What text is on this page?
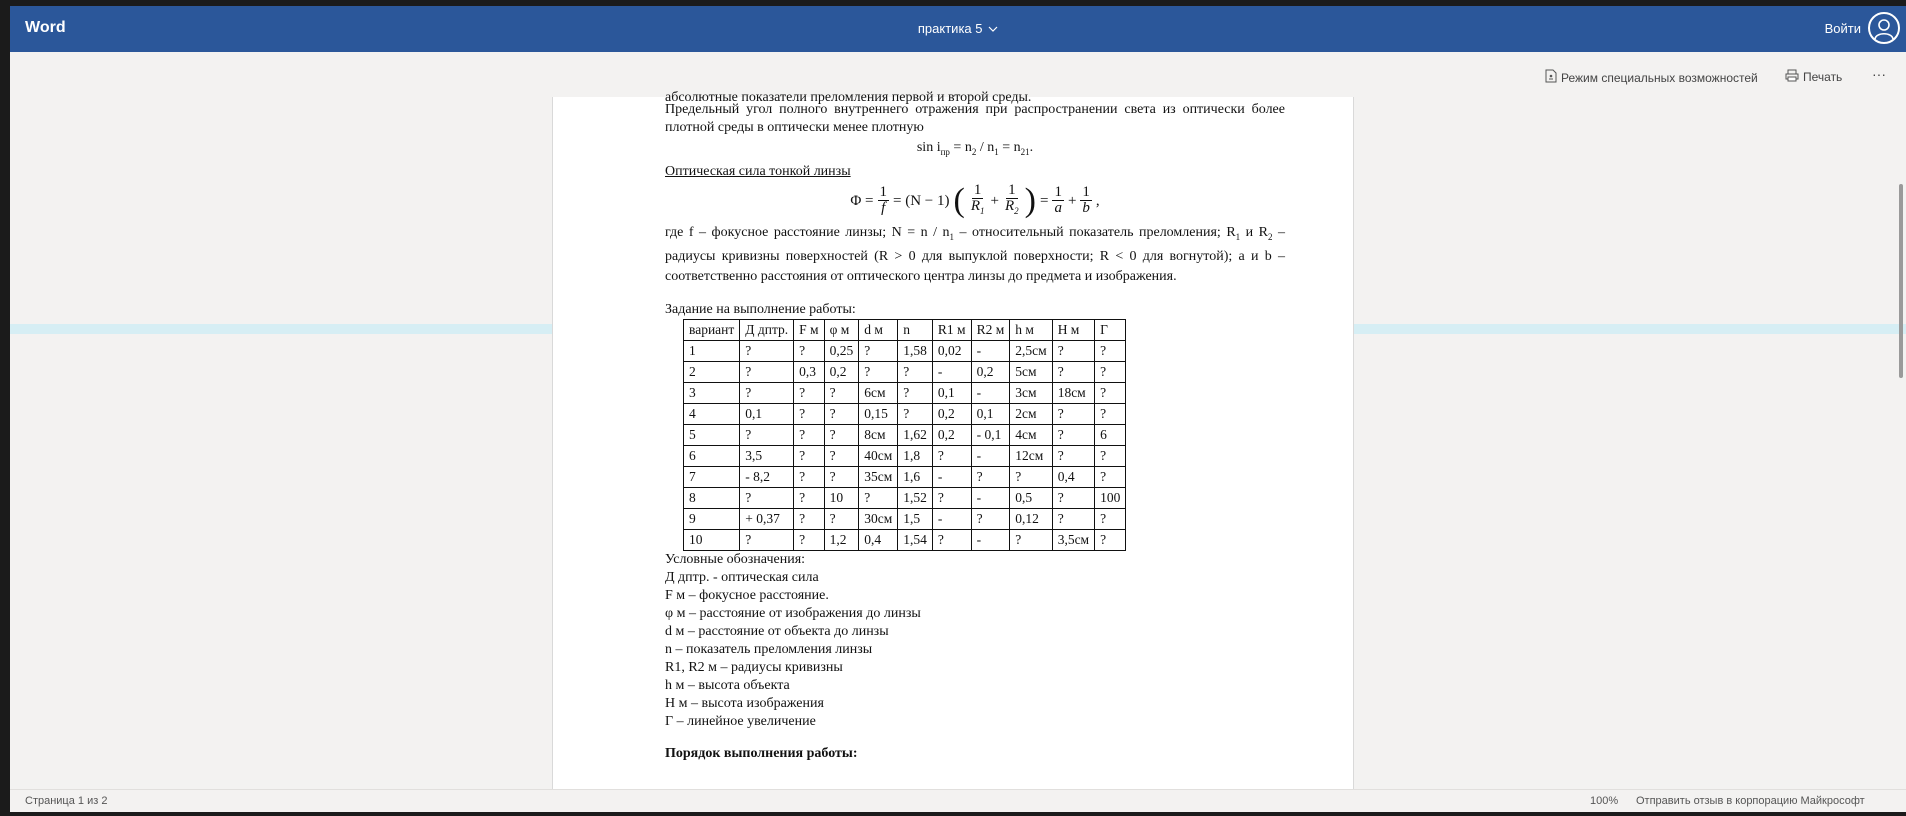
Word	практика 5	Войти
Режим специальных возможностей	Печать ···
абсолютные показатели преломления первой и второй среды.
Предельный угол полного внутреннего отражения при распространении света из оптически более плотной среды в оптически менее плотную
$\sin i_{пр} = n_2 / n_1 = n_{21}$.
Оптическая сила тонкой линзы
$\Phi = \frac{1}{f} = (N - 1)$ ( $\frac{1}{R_1} + \frac{1}{R_2}$ ) = $\frac{1}{a} + \frac{1}{b}$ ,
где f – фокусное расстояние линзы; $N = n / n_1$ – относительный показатель преломления; $R_1$ и $R_2$ – радиусы кривизны поверхностей (R > 0 для выпуклой поверхности; R < 0 для вогнутой); a и b – соответственно расстояния от оптического центра линзы до предмета и изображения.
Задание на выполнение работы:
вариант	Д дптр.	F м	φ м	d м	n	R1 м	R2 м	h м	H м	Г
1	?	?	0,25	?	1,58	0,02	-	2,5см	?	?
2	?	0,3	0,2	?	?	-	0,2	5см	?	?
3	?	?	?	6см	?	0,1	-	3см	18см	?
4	0,1	?	?	0,15	?	0,2	0,1	2см	?	?
5	?	?	?	8см	1,62	0,2	- 0,1	4см	?	6
6	3,5	?	?	40см	1,8	?	-	12см	?	?
7	- 8,2	?	?	35см	1,6	-	?	?	0,4	?
8	?	?	10	?	1,52	?	-	0,5	?	100
9	+ 0,37	?	?	30см	1,5	-	?	0,12	?	?
10	?	?	1,2	0,4	1,54	?	-	?	3,5см	?
Условные обозначения:
Д дптр. - оптическая сила
F м – фокусное расстояние.
φ м – расстояние от изображения до линзы
d м – расстояние от объекта до линзы
n – показатель преломления линзы
R1, R2 м – радиусы кривизны
h м – высота объекта
H м – высота изображения
Г – линейное увеличение
Порядок выполнения работы:
Страница 1 из 2	100% Отправить отзыв в корпорацию Майкрософт
